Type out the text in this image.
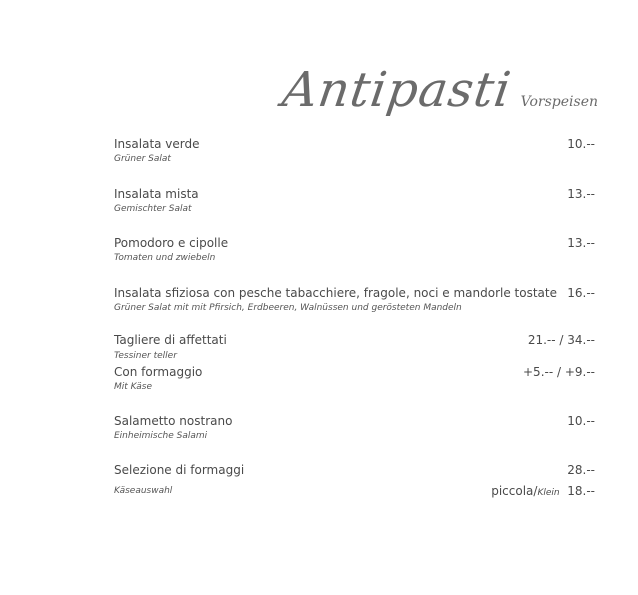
Antipasti Vorspeisen
Insalata verde	10.--
Grüner Salat
Insalata mista	13.--
Gemischter Salat
Pomodoro e cipolle	13.--
Tomaten und zwiebeln
Insalata sfiziosa con pesche tabacchiere, fragole, noci e mandorle tostate 16.--
Grüner Salat mit mit Pfirsich, Erdbeeren, Walnüssen und gerösteten Mandeln
Tagliere di affettati	21.-- / 34.--
Tessiner teller
Con formaggio	+5.-- / +9.--
Mit Käse
Salametto nostrano	10.--
Einheimische Salami
Selezione di formaggi	28.--
Käseauswahl	piccola/Klein 18.--
